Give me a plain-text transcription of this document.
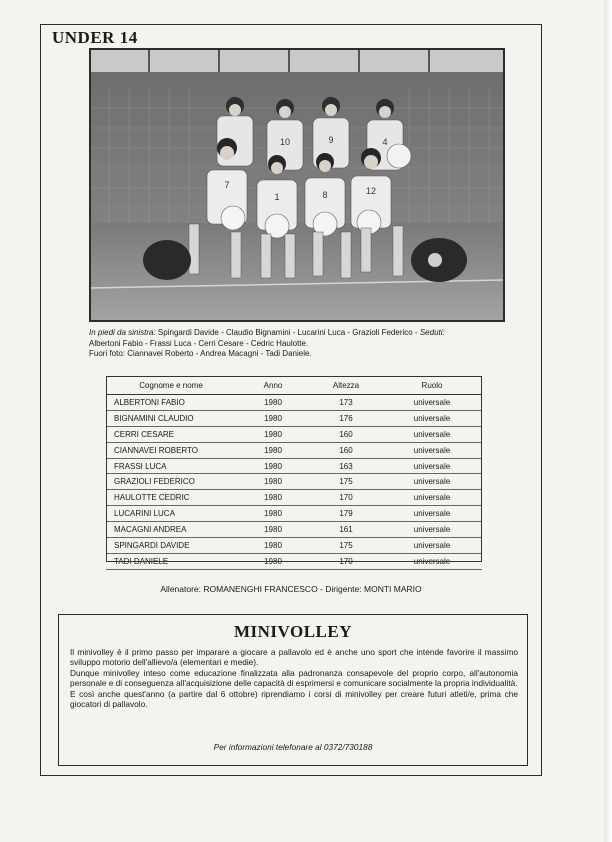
UNDER 14
10	9	4
7
1	8	12
In piedi da sinistra: Spingardi Davide - Claudio Bignamini - Lucarini Luca - Grazioli Federico - Seduti:
Albertoni Fabio - Frassi Luca - Cerri Cesare - Cedric Haulotte.
Fuori foto: Ciannavei Roberto - Andrea Macagni - Tadi Daniele.
Cognome e nome	Anno	Altezza	Ruolo
ALBERTONI FABIO	1980	173	universale
BIGNAMINI CLAUDIO	1980	176	universale
CERRI CESARE	1980	160	universale
CIANNAVEI ROBERTO	1980	160	universale
FRASSI LUCA	1980	163	universale
GRAZIOLI FEDERICO	1980	175	universale
HAULOTTE CEDRIC	1980	170	universale
LUCARINI LUCA	1980	179	universale
MACAGNI ANDREA	1980	161	universale
SPINGARDI DAVIDE	1980	175	universale
TADI DANIELE	1980	170	universale
Allenatore: ROMANENGHI FRANCESCO - Dirigente: MONTI MARIO
MINIVOLLEY

Il minivolley è il primo passo per imparare a giocare a pallavolo ed è anche uno sport che intende favorire il massimo sviluppo motorio dell'allievo/a (elementari e medie).

Dunque minivolley inteso come educazione finalizzata alla padronanza consapevole del proprio corpo, all'autonomia personale e di conseguenza all'acquisizione delle capacità di esprimersi e comunicare socialmente la propria individualità.

E così anche quest'anno (a partire dal 6 ottobre) riprendiamo i corsi di minivolley per creare futuri atleti/e, prima che giocatori di pallavolo.

Per informazioni telefonare al 0372/730188
